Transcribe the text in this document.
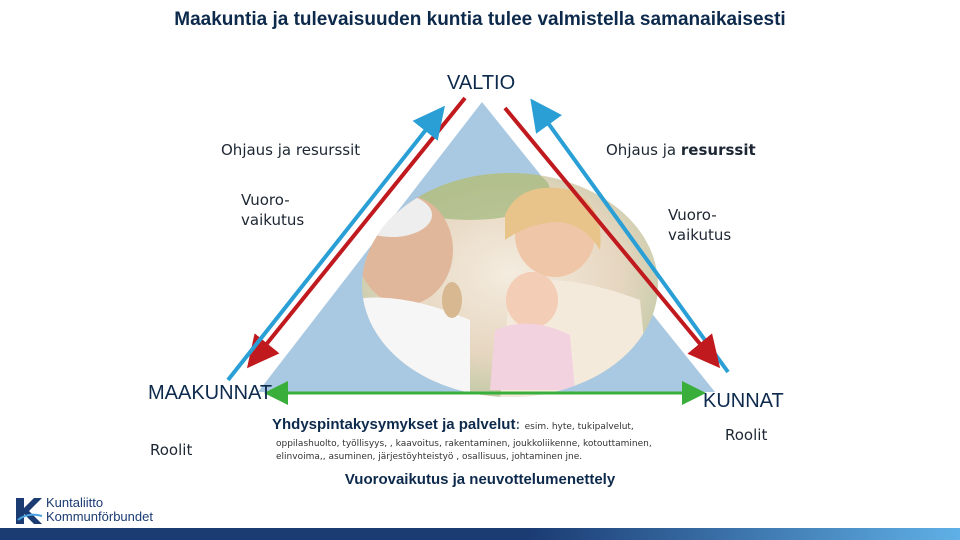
Maakuntia ja tulevaisuuden kuntia tulee valmistella samanaikaisesti
VALTIO
MAAKUNNAT	KUNNAT
Ohjaus ja resurssit	Ohjaus ja resurssit
Vuoro-
vaikutus	Vuoro-
vaikutus
Roolit
Roolit
Yhdyspintakysymykset ja palvelut: esim. hyte, tukipalvelut,
oppilashuolto, työllisyys, , kaavoitus, rakentaminen, joukkoliikenne, kotouttaminen,
elinvoima,, asuminen, järjestöyhteistyö , osallisuus, johtaminen jne.
Vuorovaikutus ja neuvottelumenettely
Kuntaliitto
Kommunförbundet
